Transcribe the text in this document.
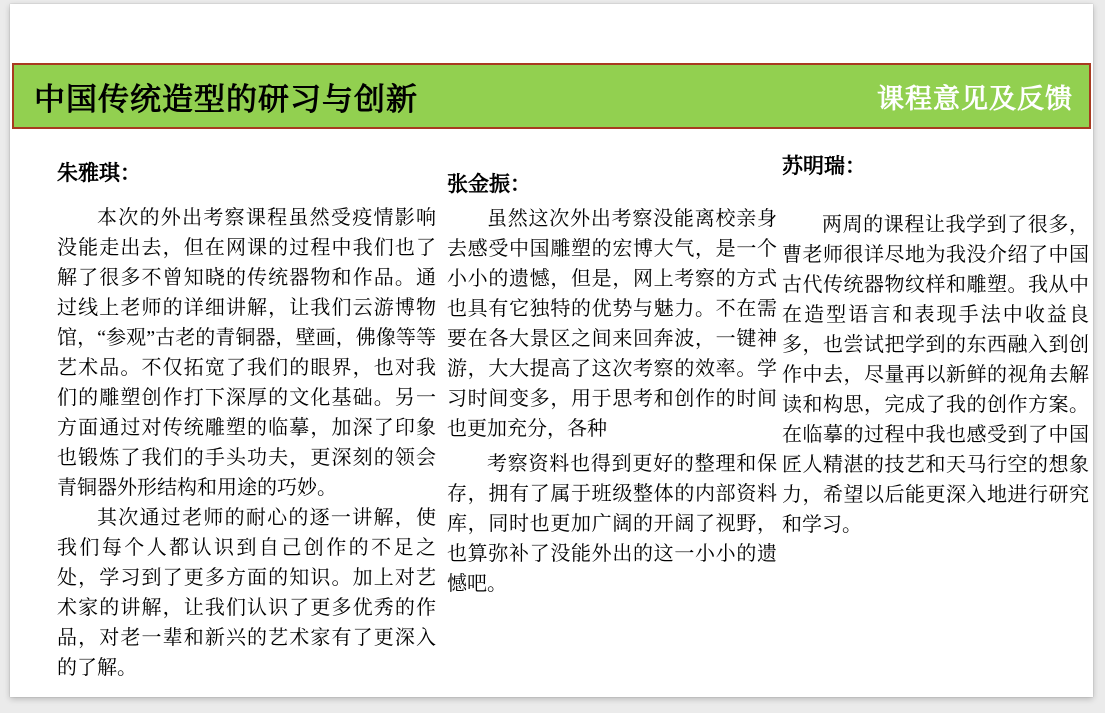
中国传统造型的研习与创新	课程意见及反馈
朱雅琪：

本次的外出考察课程虽然受疫情影响没能走出去，但在网课的过程中我们也了解了很多不曾知晓的传统器物和作品。通过线上老师的详细讲解，让我们云游博物馆，“参观”古老的青铜器，壁画，佛像等等艺术品。不仅拓宽了我们的眼界，也对我们的雕塑创作打下深厚的文化基础。另一方面通过对传统雕塑的临摹，加深了印象也锻炼了我们的手头功夫，更深刻的领会青铜器外形结构和用途的巧妙。

其次通过老师的耐心的逐一讲解，使我们每个人都认识到自己创作的不足之处，学习到了更多方面的知识。加上对艺术家的讲解，让我们认识了更多优秀的作品，对老一辈和新兴的艺术家有了更深入的了解。

张金振：

虽然这次外出考察没能离校亲身去感受中国雕塑的宏博大气，是一个小小的遗憾，但是，网上考察的方式也具有它独特的优势与魅力。不在需要在各大景区之间来回奔波，一键神游，大大提高了这次考察的效率。学习时间变多，用于思考和创作的时间也更加充分，各种

考察资料也得到更好的整理和保存，拥有了属于班级整体的内部资料库，同时也更加广阔的开阔了视野，也算弥补了没能外出的这一小小的遗憾吧。

苏明瑞：

两周的课程让我学到了很多，曹老师很详尽地为我没介绍了中国古代传统器物纹样和雕塑。我从中在造型语言和表现手法中收益良多，也尝试把学到的东西融入到创作中去，尽量再以新鲜的视角去解读和构思，完成了我的创作方案。在临摹的过程中我也感受到了中国匠人精湛的技艺和天马行空的想象力，希望以后能更深入地进行研究和学习。
